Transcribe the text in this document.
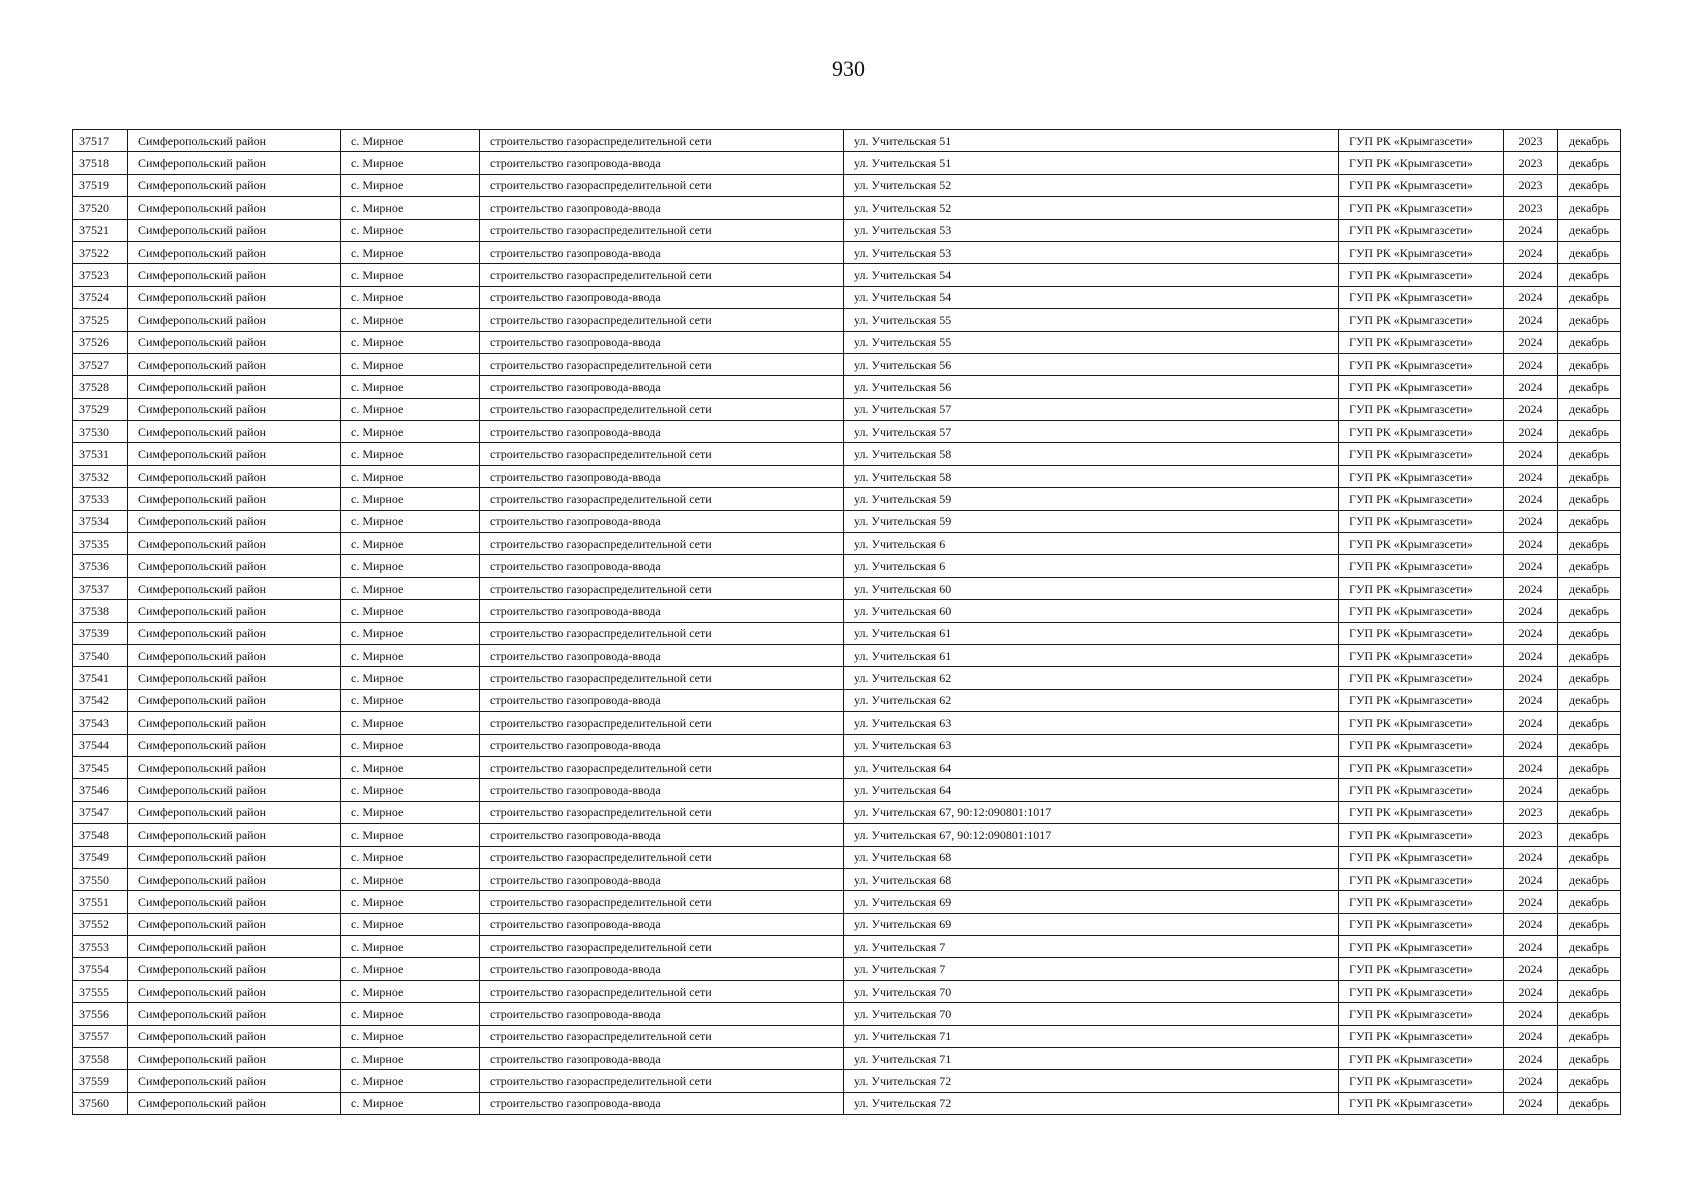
930
37517	Симферопольский район	с. Мирное	строительство газораспределительной сети	ул. Учительская 51	ГУП РК «Крымгазсети»	2023	декабрь
37518	Симферопольский район	с. Мирное	строительство газопровода-ввода	ул. Учительская 51	ГУП РК «Крымгазсети»	2023	декабрь
37519	Симферопольский район	с. Мирное	строительство газораспределительной сети	ул. Учительская 52	ГУП РК «Крымгазсети»	2023	декабрь
37520	Симферопольский район	с. Мирное	строительство газопровода-ввода	ул. Учительская 52	ГУП РК «Крымгазсети»	2023	декабрь
37521	Симферопольский район	с. Мирное	строительство газораспределительной сети	ул. Учительская 53	ГУП РК «Крымгазсети»	2024	декабрь
37522	Симферопольский район	с. Мирное	строительство газопровода-ввода	ул. Учительская 53	ГУП РК «Крымгазсети»	2024	декабрь
37523	Симферопольский район	с. Мирное	строительство газораспределительной сети	ул. Учительская 54	ГУП РК «Крымгазсети»	2024	декабрь
37524	Симферопольский район	с. Мирное	строительство газопровода-ввода	ул. Учительская 54	ГУП РК «Крымгазсети»	2024	декабрь
37525	Симферопольский район	с. Мирное	строительство газораспределительной сети	ул. Учительская 55	ГУП РК «Крымгазсети»	2024	декабрь
37526	Симферопольский район	с. Мирное	строительство газопровода-ввода	ул. Учительская 55	ГУП РК «Крымгазсети»	2024	декабрь
37527	Симферопольский район	с. Мирное	строительство газораспределительной сети	ул. Учительская 56	ГУП РК «Крымгазсети»	2024	декабрь
37528	Симферопольский район	с. Мирное	строительство газопровода-ввода	ул. Учительская 56	ГУП РК «Крымгазсети»	2024	декабрь
37529	Симферопольский район	с. Мирное	строительство газораспределительной сети	ул. Учительская 57	ГУП РК «Крымгазсети»	2024	декабрь
37530	Симферопольский район	с. Мирное	строительство газопровода-ввода	ул. Учительская 57	ГУП РК «Крымгазсети»	2024	декабрь
37531	Симферопольский район	с. Мирное	строительство газораспределительной сети	ул. Учительская 58	ГУП РК «Крымгазсети»	2024	декабрь
37532	Симферопольский район	с. Мирное	строительство газопровода-ввода	ул. Учительская 58	ГУП РК «Крымгазсети»	2024	декабрь
37533	Симферопольский район	с. Мирное	строительство газораспределительной сети	ул. Учительская 59	ГУП РК «Крымгазсети»	2024	декабрь
37534	Симферопольский район	с. Мирное	строительство газопровода-ввода	ул. Учительская 59	ГУП РК «Крымгазсети»	2024	декабрь
37535	Симферопольский район	с. Мирное	строительство газораспределительной сети	ул. Учительская 6	ГУП РК «Крымгазсети»	2024	декабрь
37536	Симферопольский район	с. Мирное	строительство газопровода-ввода	ул. Учительская 6	ГУП РК «Крымгазсети»	2024	декабрь
37537	Симферопольский район	с. Мирное	строительство газораспределительной сети	ул. Учительская 60	ГУП РК «Крымгазсети»	2024	декабрь
37538	Симферопольский район	с. Мирное	строительство газопровода-ввода	ул. Учительская 60	ГУП РК «Крымгазсети»	2024	декабрь
37539	Симферопольский район	с. Мирное	строительство газораспределительной сети	ул. Учительская 61	ГУП РК «Крымгазсети»	2024	декабрь
37540	Симферопольский район	с. Мирное	строительство газопровода-ввода	ул. Учительская 61	ГУП РК «Крымгазсети»	2024	декабрь
37541	Симферопольский район	с. Мирное	строительство газораспределительной сети	ул. Учительская 62	ГУП РК «Крымгазсети»	2024	декабрь
37542	Симферопольский район	с. Мирное	строительство газопровода-ввода	ул. Учительская 62	ГУП РК «Крымгазсети»	2024	декабрь
37543	Симферопольский район	с. Мирное	строительство газораспределительной сети	ул. Учительская 63	ГУП РК «Крымгазсети»	2024	декабрь
37544	Симферопольский район	с. Мирное	строительство газопровода-ввода	ул. Учительская 63	ГУП РК «Крымгазсети»	2024	декабрь
37545	Симферопольский район	с. Мирное	строительство газораспределительной сети	ул. Учительская 64	ГУП РК «Крымгазсети»	2024	декабрь
37546	Симферопольский район	с. Мирное	строительство газопровода-ввода	ул. Учительская 64	ГУП РК «Крымгазсети»	2024	декабрь
37547	Симферопольский район	с. Мирное	строительство газораспределительной сети	ул. Учительская 67, 90:12:090801:1017	ГУП РК «Крымгазсети»	2023	декабрь
37548	Симферопольский район	с. Мирное	строительство газопровода-ввода	ул. Учительская 67, 90:12:090801:1017	ГУП РК «Крымгазсети»	2023	декабрь
37549	Симферопольский район	с. Мирное	строительство газораспределительной сети	ул. Учительская 68	ГУП РК «Крымгазсети»	2024	декабрь
37550	Симферопольский район	с. Мирное	строительство газопровода-ввода	ул. Учительская 68	ГУП РК «Крымгазсети»	2024	декабрь
37551	Симферопольский район	с. Мирное	строительство газораспределительной сети	ул. Учительская 69	ГУП РК «Крымгазсети»	2024	декабрь
37552	Симферопольский район	с. Мирное	строительство газопровода-ввода	ул. Учительская 69	ГУП РК «Крымгазсети»	2024	декабрь
37553	Симферопольский район	с. Мирное	строительство газораспределительной сети	ул. Учительская 7	ГУП РК «Крымгазсети»	2024	декабрь
37554	Симферопольский район	с. Мирное	строительство газопровода-ввода	ул. Учительская 7	ГУП РК «Крымгазсети»	2024	декабрь
37555	Симферопольский район	с. Мирное	строительство газораспределительной сети	ул. Учительская 70	ГУП РК «Крымгазсети»	2024	декабрь
37556	Симферопольский район	с. Мирное	строительство газопровода-ввода	ул. Учительская 70	ГУП РК «Крымгазсети»	2024	декабрь
37557	Симферопольский район	с. Мирное	строительство газораспределительной сети	ул. Учительская 71	ГУП РК «Крымгазсети»	2024	декабрь
37558	Симферопольский район	с. Мирное	строительство газопровода-ввода	ул. Учительская 71	ГУП РК «Крымгазсети»	2024	декабрь
37559	Симферопольский район	с. Мирное	строительство газораспределительной сети	ул. Учительская 72	ГУП РК «Крымгазсети»	2024	декабрь
37560	Симферопольский район	с. Мирное	строительство газопровода-ввода	ул. Учительская 72	ГУП РК «Крымгазсети»	2024	декабрь
